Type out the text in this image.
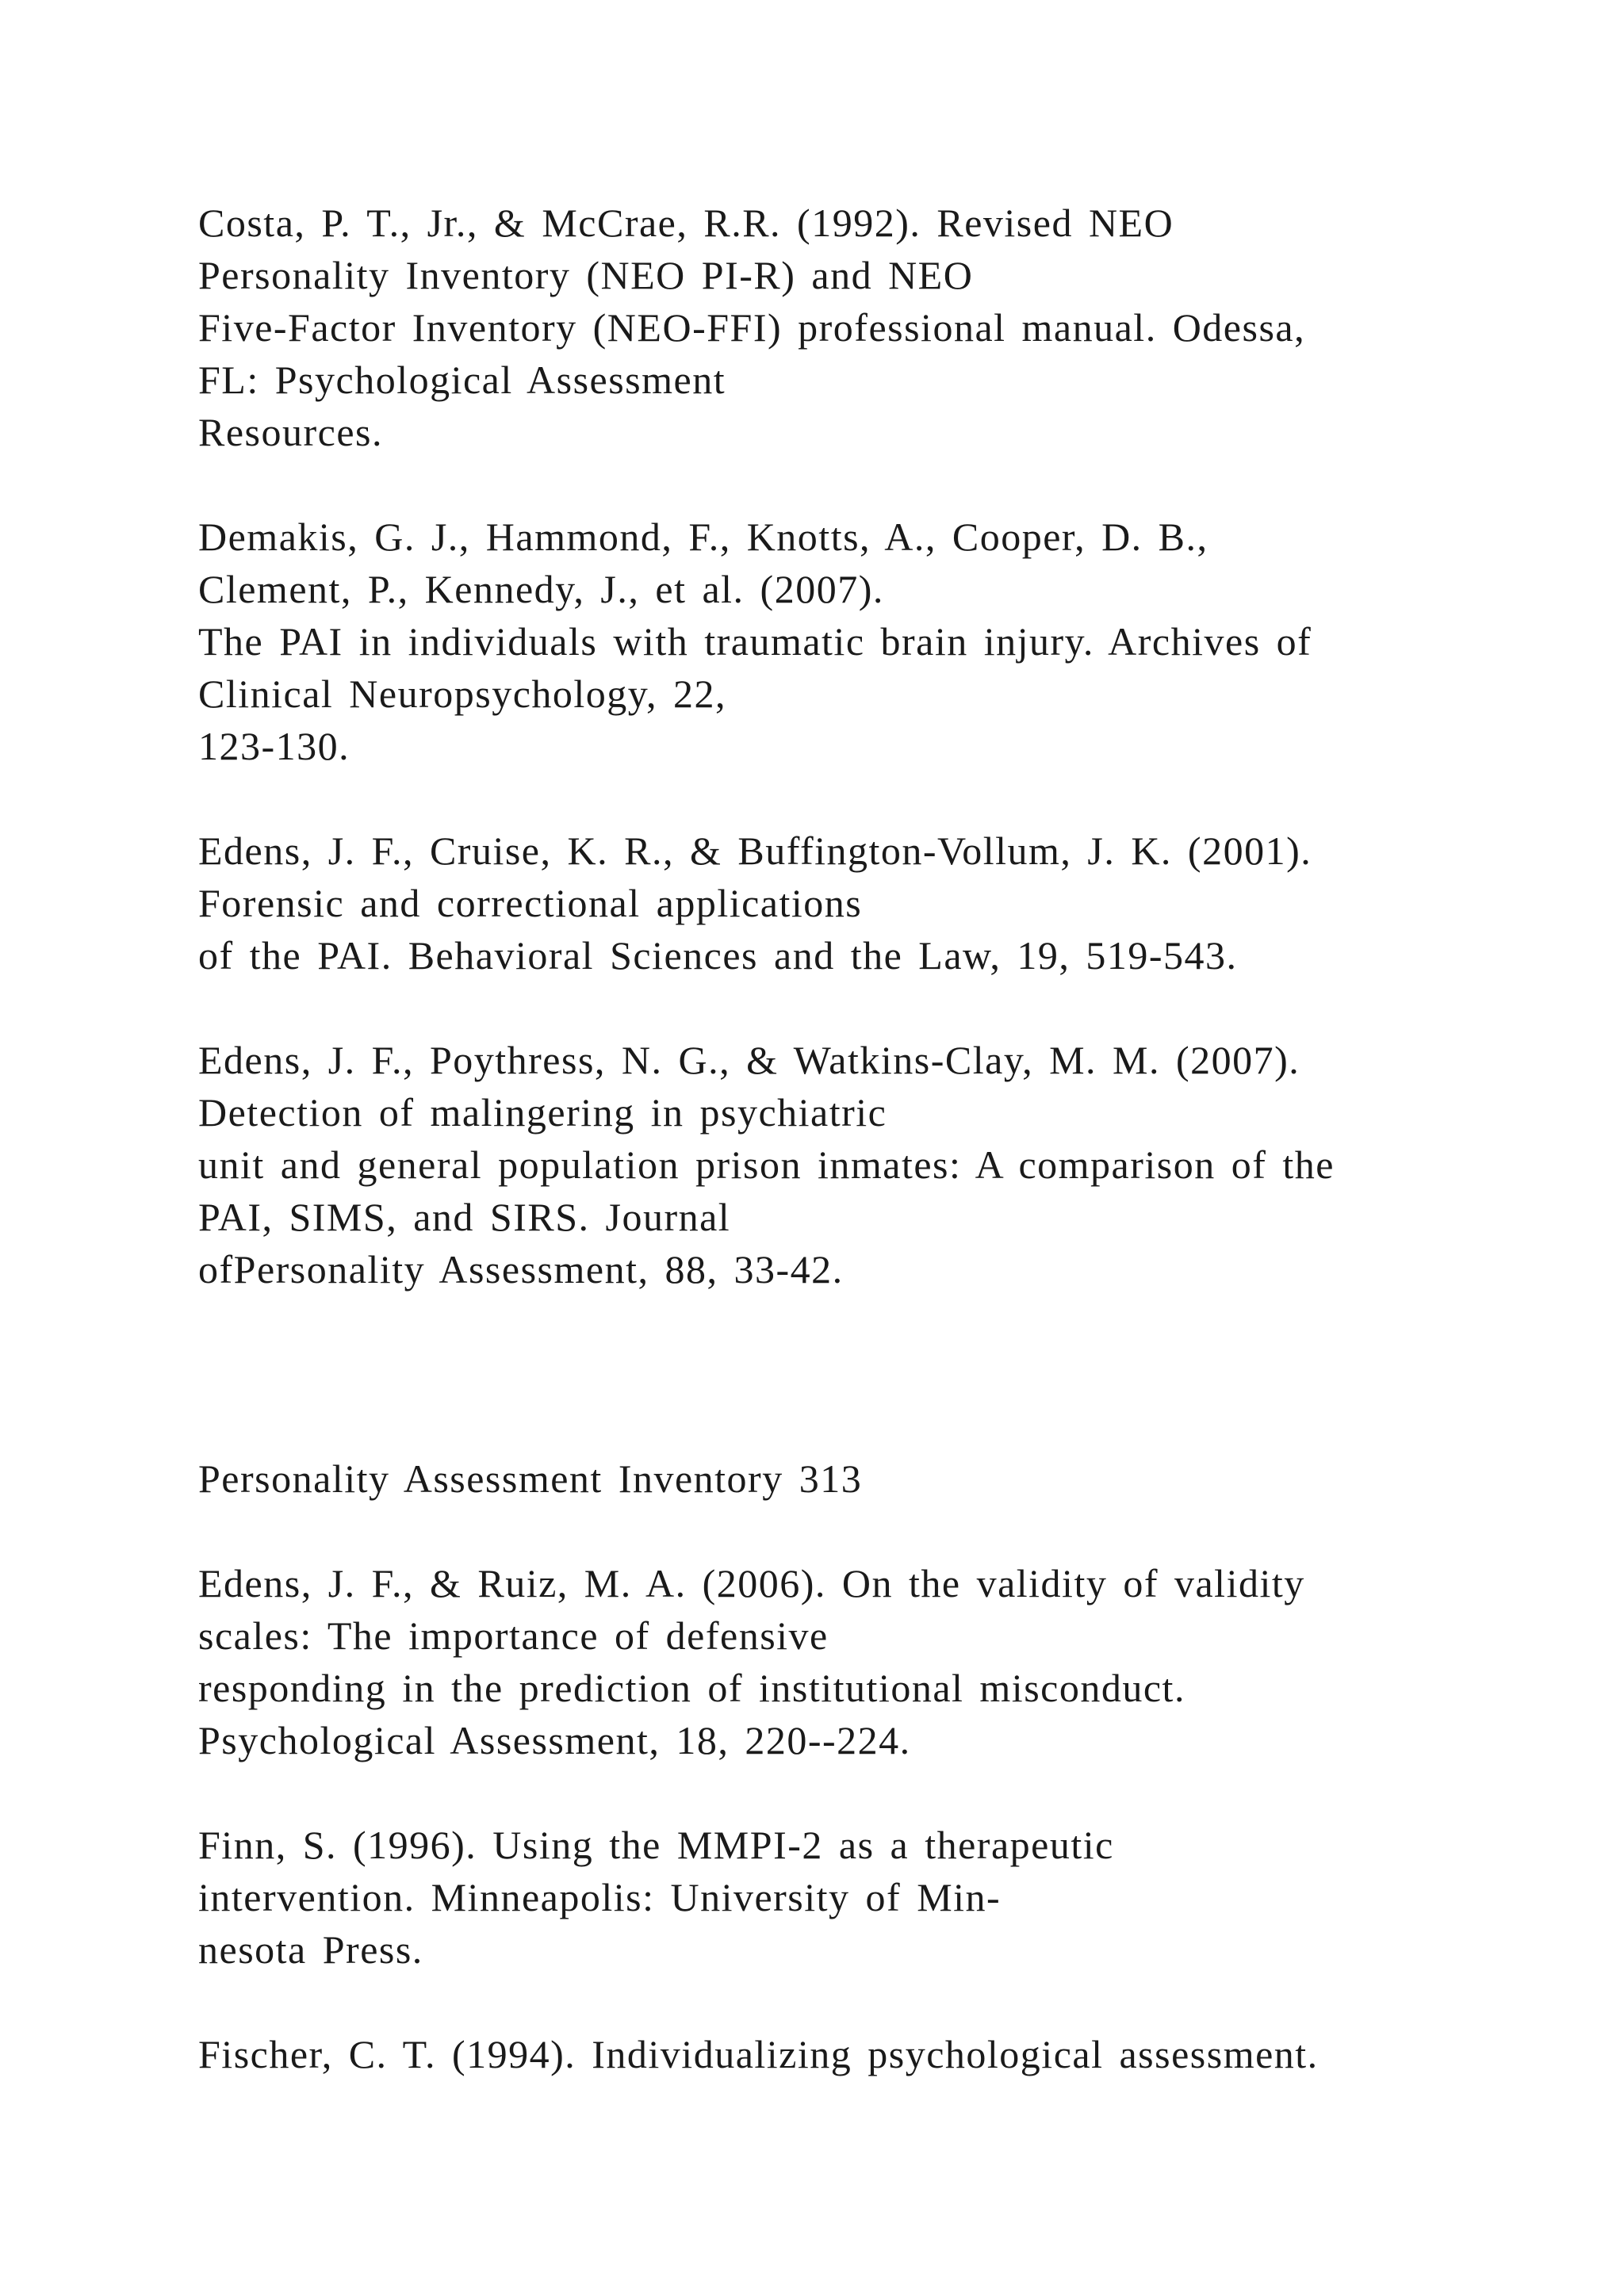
Costa, P. T., Jr., & McCrae, R.R. (1992). Revised NEO
Personality Inventory (NEO PI-R) and NEO
Five-Factor Inventory (NEO-FFI) professional manual. Odessa,
FL: Psychological Assessment
Resources.
Demakis, G. J., Hammond, F., Knotts, A., Cooper, D. B.,
Clement, P., Kennedy, J., et al. (2007).
The PAI in individuals with traumatic brain injury. Archives of
Clinical Neuropsychology, 22,
123-130.
Edens, J. F., Cruise, K. R., & Buffington-Vollum, J. K. (2001).
Forensic and correctional applications
of the PAI. Behavioral Sciences and the Law, 19, 519-543.
Edens, J. F., Poythress, N. G., & Watkins-Clay, M. M. (2007).
Detection of malingering in psychiatric
unit and general population prison inmates: A comparison of the
PAI, SIMS, and SIRS. Journal
ofPersonality Assessment, 88, 33-42.
Personality Assessment Inventory 313
Edens, J. F., & Ruiz, M. A. (2006). On the validity of validity
scales: The importance of defensive
responding in the prediction of institutional misconduct.
Psychological Assessment, 18, 220--224.
Finn, S. (1996). Using the MMPI-2 as a therapeutic
intervention. Minneapolis: University of Min-
nesota Press.
Fischer, C. T. (1994). Individualizing psychological assessment.
